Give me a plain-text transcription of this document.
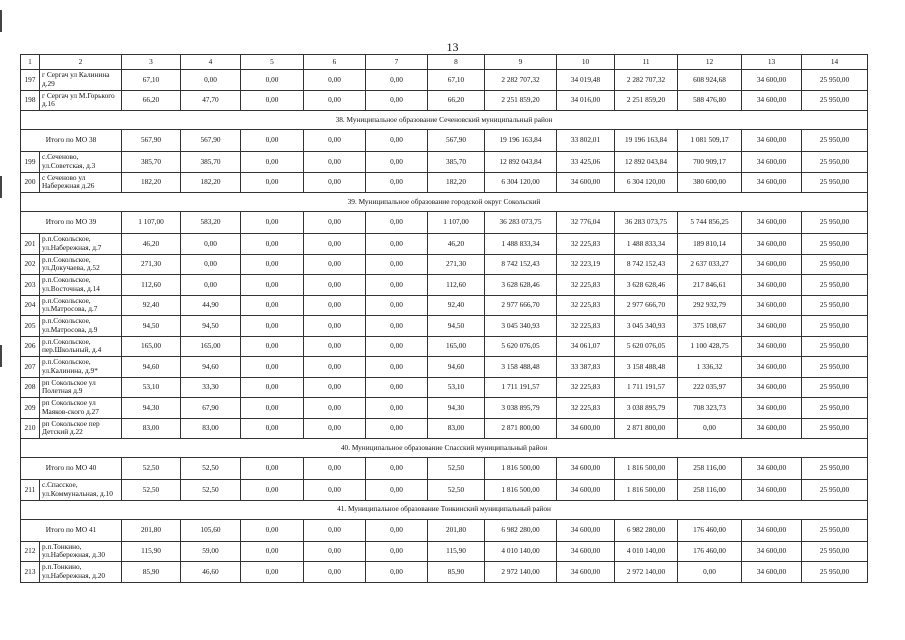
13
1	2	3	4	5	6	7	8	9	10	11	12	13	14
197	г Сергач ул Калинина д.29	67,10	0,00	0,00	0,00	0,00	67,10	2 282 707,32	34 019,48	2 282 707,32	608 924,68	34 600,00	25 950,00
198	г Сергач ул М.Горького д.16	66,20	47,70	0,00	0,00	0,00	66,20	2 251 859,20	34 016,00	2 251 859,20	588 476,80	34 600,00	25 950,00
38. Муниципальное образование Сеченовский муниципальный район													
Итого по МО 38		567,90	567,90	0,00	0,00	0,00	567,90	19 196 163,84	33 802,01	19 196 163,84	1 081 509,17	34 600,00	25 950,00
199	с.Сеченово, ул.Советская, д.3	385,70	385,70	0,00	0,00	0,00	385,70	12 892 043,84	33 425,06	12 892 043,84	700 909,17	34 600,00	25 950,00
200	с Сеченово ул Набережная д.26	182,20	182,20	0,00	0,00	0,00	182,20	6 304 120,00	34 600,00	6 304 120,00	380 600,00	34 600,00	25 950,00
39. Муниципальное образование городской округ Сокольский													
Итого по МО 39		1 107,00	583,20	0,00	0,00	0,00	1 107,00	36 283 073,75	32 776,04	36 283 073,75	5 744 856,25	34 600,00	25 950,00
201	р.п.Сокольское, ул.Набережная, д.7	46,20	0,00	0,00	0,00	0,00	46,20	1 488 833,34	32 225,83	1 488 833,34	189 810,14	34 600,00	25 950,00
202	р.п.Сокольское, ул.Докучаева, д.52	271,30	0,00	0,00	0,00	0,00	271,30	8 742 152,43	32 223,19	8 742 152,43	2 637 033,27	34 600,00	25 950,00
203	р.п.Сокольское, ул.Восточная, д.14	112,60	0,00	0,00	0,00	0,00	112,60	3 628 628,46	32 225,83	3 628 628,46	217 846,61	34 600,00	25 950,00
204	р.п.Сокольское, ул.Матросова, д.7	92,40	44,90	0,00	0,00	0,00	92,40	2 977 666,70	32 225,83	2 977 666,70	292 932,79	34 600,00	25 950,00
205	р.п.Сокольское, ул.Матросова, д.9	94,50	94,50	0,00	0,00	0,00	94,50	3 045 340,93	32 225,83	3 045 340,93	375 108,67	34 600,00	25 950,00
206	р.п.Сокольское, пер.Школьный, д.4	165,00	165,00	0,00	0,00	0,00	165,00	5 620 076,05	34 061,07	5 620 076,05	1 100 428,75	34 600,00	25 950,00
207	р.п.Сокольское, ул.Калинина, д.9*	94,60	94,60	0,00	0,00	0,00	94,60	3 158 488,48	33 387,83	3 158 488,48	1 336,32	34 600,00	25 950,00
208	рп Сокольское ул Полетная д.9	53,10	33,30	0,00	0,00	0,00	53,10	1 711 191,57	32 225,83	1 711 191,57	222 035,97	34 600,00	25 950,00
209	рп Сокольское ул Маяков-ского д.27	94,30	67,90	0,00	0,00	0,00	94,30	3 038 895,79	32 225,83	3 038 895,79	708 323,73	34 600,00	25 950,00
210	рп Сокольское пер Детский д.22	83,00	83,00	0,00	0,00	0,00	83,00	2 871 800,00	34 600,00	2 871 800,00	0,00	34 600,00	25 950,00
40. Муниципальное образование Спасский муниципальный район													
Итого по МО 40		52,50	52,50	0,00	0,00	0,00	52,50	1 816 500,00	34 600,00	1 816 500,00	258 116,00	34 600,00	25 950,00
211	с.Спасское, ул.Коммунальная, д.10	52,50	52,50	0,00	0,00	0,00	52,50	1 816 500,00	34 600,00	1 816 500,00	258 116,00	34 600,00	25 950,00
41. Муниципальное образование Тонкинский муниципальный район													
Итого по МО 41		201,80	105,60	0,00	0,00	0,00	201,80	6 982 280,00	34 600,00	6 982 280,00	176 460,00	34 600,00	25 950,00
212	р.п.Тонкино, ул.Набережная, д.30	115,90	59,00	0,00	0,00	0,00	115,90	4 010 140,00	34 600,00	4 010 140,00	176 460,00	34 600,00	25 950,00
213	р.п.Тонкино, ул.Набережная, д.20	85,90	46,60	0,00	0,00	0,00	85,90	2 972 140,00	34 600,00	2 972 140,00	0,00	34 600,00	25 950,00
